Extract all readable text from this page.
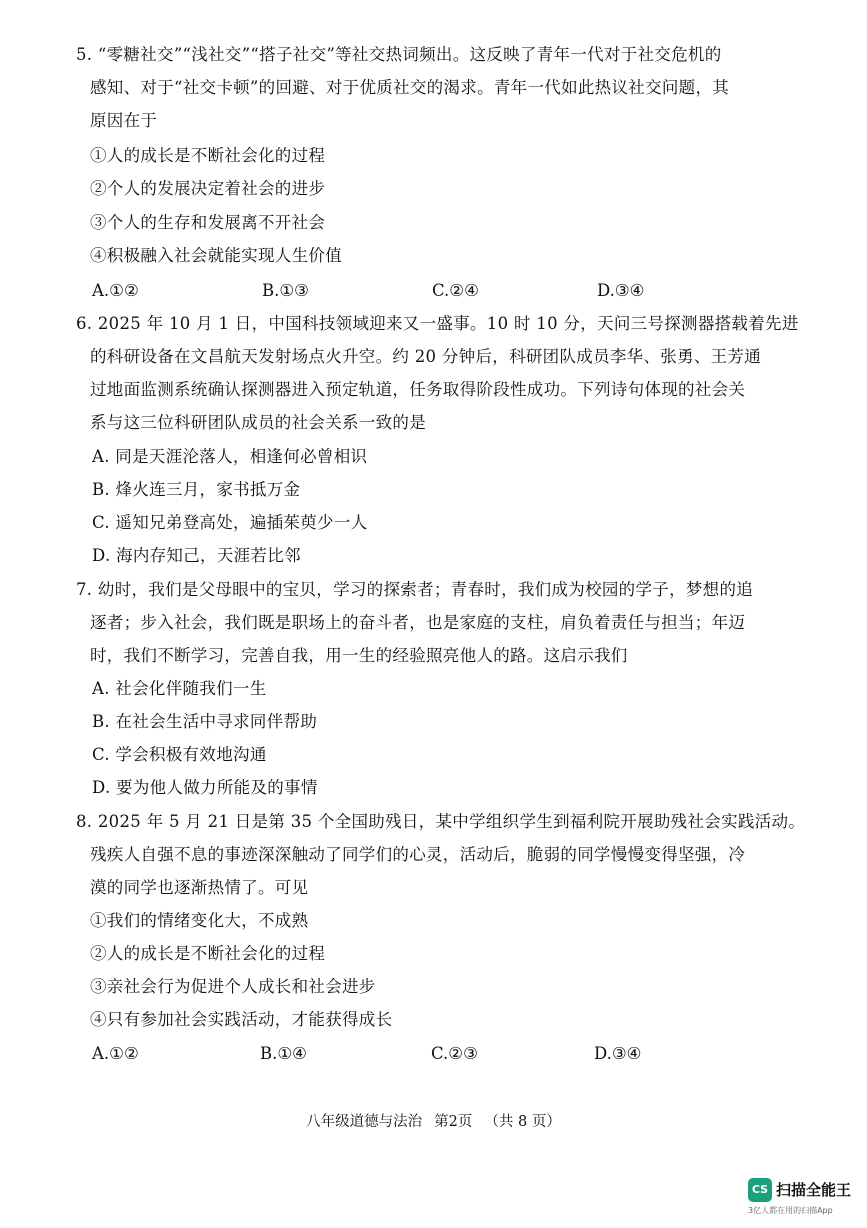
5. “零糖社交”“浅社交”“搭子社交”等社交热词频出。这反映了青年一代对于社交危机的
感知、对于“社交卡顿”的回避、对于优质社交的渴求。青年一代如此热议社交问题，其
原因在于
①人的成长是不断社会化的过程
②个人的发展决定着社会的进步
③个人的生存和发展离不开社会
④积极融入社会就能实现人生价值
A.①②	B.①③	C.②④	D.③④
6. 2025 年 10 月 1 日，中国科技领域迎来又一盛事。10 时 10 分，天问三号探测器搭载着先进
的科研设备在文昌航天发射场点火升空。约 20 分钟后，科研团队成员李华、张勇、王芳通
过地面监测系统确认探测器进入预定轨道，任务取得阶段性成功。下列诗句体现的社会关
系与这三位科研团队成员的社会关系一致的是
A. 同是天涯沦落人，相逢何必曾相识
B. 烽火连三月，家书抵万金
C. 遥知兄弟登高处，遍插茱萸少一人
D. 海内存知己，天涯若比邻
7. 幼时，我们是父母眼中的宝贝，学习的探索者；青春时，我们成为校园的学子，梦想的追
逐者；步入社会，我们既是职场上的奋斗者，也是家庭的支柱，肩负着责任与担当；年迈
时，我们不断学习，完善自我，用一生的经验照亮他人的路。这启示我们
A. 社会化伴随我们一生
B. 在社会生活中寻求同伴帮助
C. 学会积极有效地沟通
D. 要为他人做力所能及的事情
8. 2025 年 5 月 21 日是第 35 个全国助残日，某中学组织学生到福利院开展助残社会实践活动。
残疾人自强不息的事迹深深触动了同学们的心灵，活动后，脆弱的同学慢慢变得坚强，冷
漠的同学也逐渐热情了。可见
①我们的情绪变化大，不成熟
②人的成长是不断社会化的过程
③亲社会行为促进个人成长和社会进步
④只有参加社会实践活动，才能获得成长
A.①②	B.①④	C.②③	D.③④
八年级道德与法治 第2页 （共 8 页）
CS 扫描全能王
3亿人都在用的扫描App
